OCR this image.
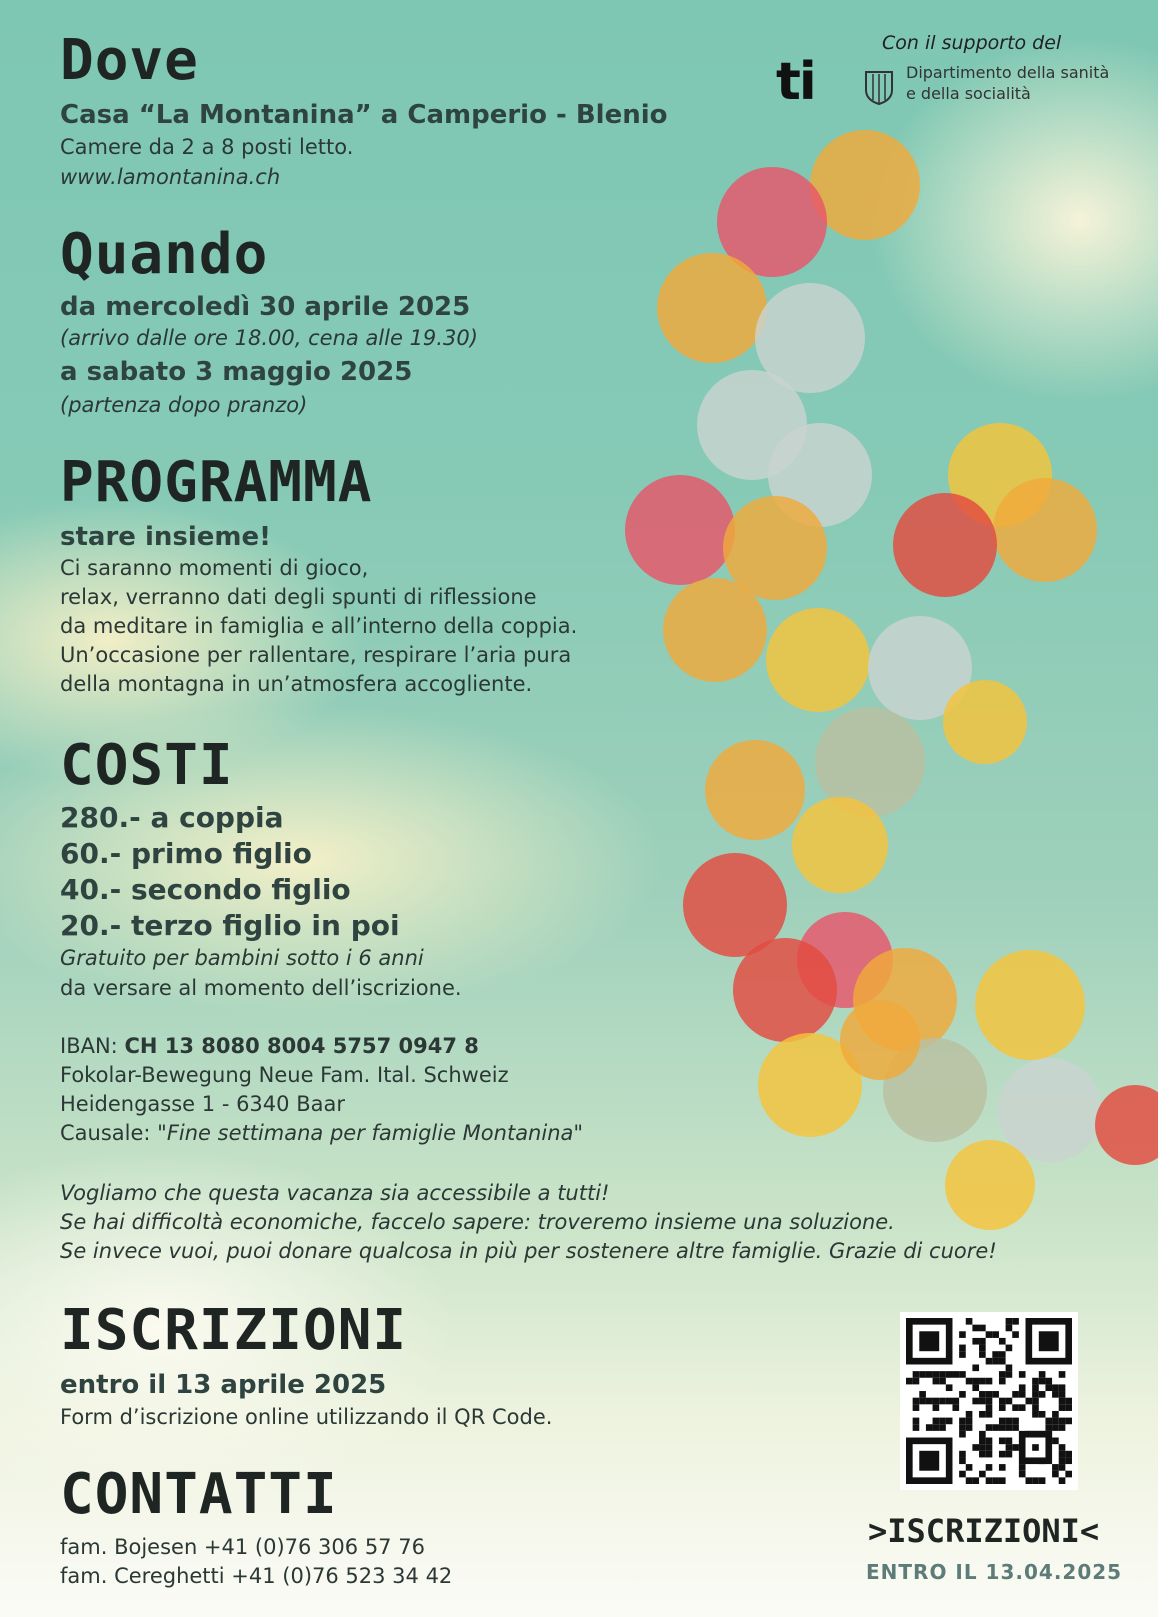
Con il supporto del
ti	Dipartimento della sanità
e della socialità
Dove
Casa “La Montanina” a Camperio - Blenio
Camere da 2 a 8 posti letto.
www.lamontanina.ch
Quando
da mercoledì 30 aprile 2025
(arrivo dalle ore 18.00, cena alle 19.30)
a sabato 3 maggio 2025
(partenza dopo pranzo)
PROGRAMMA
stare insieme!
Ci saranno momenti di gioco,
relax, verranno dati degli spunti di riflessione
da meditare in famiglia e all’interno della coppia.
Un’occasione per rallentare, respirare l’aria pura
della montagna in un’atmosfera accogliente.
COSTI
280.- a coppia
60.- primo figlio
40.- secondo figlio
20.- terzo figlio in poi
Gratuito per bambini sotto i 6 anni
da versare al momento dell’iscrizione.
IBAN: CH 13 8080 8004 5757 0947 8
Fokolar-Bewegung Neue Fam. Ital. Schweiz
Heidengasse 1 - 6340 Baar
Causale: "Fine settimana per famiglie Montanina"
Vogliamo che questa vacanza sia accessibile a tutti!
Se hai difficoltà economiche, faccelo sapere: troveremo insieme una soluzione.
Se invece vuoi, puoi donare qualcosa in più per sostenere altre famiglie. Grazie di cuore!
ISCRIZIONI
entro il 13 aprile 2025
Form d’iscrizione online utilizzando il QR Code.
CONTATTI
fam. Bojesen +41 (0)76 306 57 76
fam. Cereghetti +41 (0)76 523 34 42
>ISCRIZIONI<
ENTRO IL 13.04.2025
